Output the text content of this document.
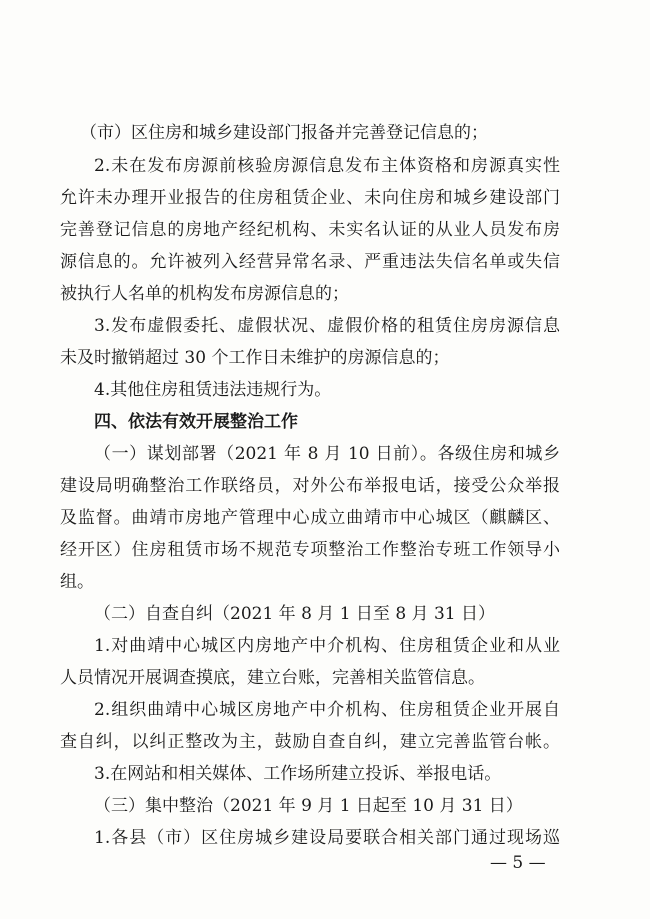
（市）区住房和城乡建设部门报备并完善登记信息的；
2.未在发布房源前核验房源信息发布主体资格和房源真实性
允许未办理开业报告的住房租赁企业、未向住房和城乡建设部门
完善登记信息的房地产经纪机构、未实名认证的从业人员发布房
源信息的。允许被列入经营异常名录、严重违法失信名单或失信
被执行人名单的机构发布房源信息的；
3.发布虚假委托、虚假状况、虚假价格的租赁住房房源信息
未及时撤销超过 30 个工作日未维护的房源信息的；
4.其他住房租赁违法违规行为。
四、依法有效开展整治工作
（一）谋划部署（2021 年 8 月 10 日前）。各级住房和城乡
建设局明确整治工作联络员，对外公布举报电话，接受公众举报
及监督。曲靖市房地产管理中心成立曲靖市中心城区（麒麟区、
经开区）住房租赁市场不规范专项整治工作整治专班工作领导小
组。
（二）自查自纠（2021 年 8 月 1 日至 8 月 31 日）
1.对曲靖中心城区内房地产中介机构、住房租赁企业和从业
人员情况开展调查摸底，建立台账，完善相关监管信息。
2.组织曲靖中心城区房地产中介机构、住房租赁企业开展自
查自纠，以纠正整改为主，鼓励自查自纠，建立完善监管台帐。
3.在网站和相关媒体、工作场所建立投诉、举报电话。
（三）集中整治（2021 年 9 月 1 日起至 10 月 31 日）
1.各县（市）区住房城乡建设局要联合相关部门通过现场巡
— 5 —
